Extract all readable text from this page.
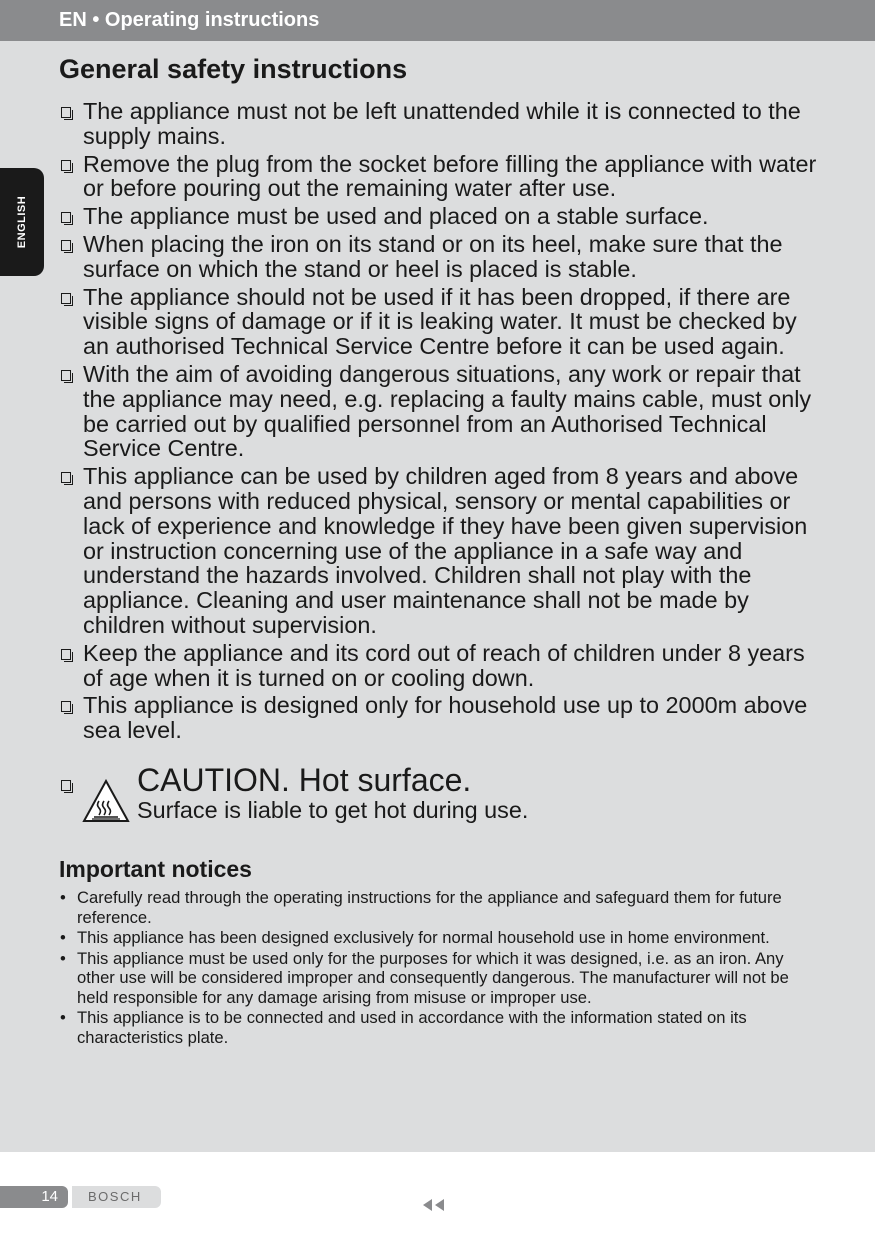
EN • Operating instructions
ENGLISH
General safety instructions
The appliance must not be left unattended while it is connected to the supply mains.
Remove the plug from the socket before filling the appliance with water or before pouring out the remaining water after use.
The appliance must be used and placed on a stable surface.
When placing the iron on its stand or on its heel, make sure that the surface on which the stand or heel is placed is stable.
The appliance should not be used if it has been dropped, if there are visible signs of damage or if it is leaking water. It must be checked by an authorised Technical Service Centre before it can be used again.
With the aim of avoiding dangerous situations, any work or repair that the appliance may need, e.g. replacing a faulty mains cable, must only be carried out by qualified personnel from an Authorised Technical Service Centre.
This appliance can be used by children aged from 8 years and above and persons with reduced physical, sensory or mental capabilities or lack of experience and knowledge if they have been given supervision or instruction concerning use of the appliance in a safe way and understand the hazards involved. Children shall not play with the appliance. Cleaning and user maintenance shall not be made by children without supervision.
Keep the appliance and its cord out of reach of children under 8 years of age when it is turned on or cooling down.
This appliance is designed only for household use up to 2000m above sea level.
CAUTION. Hot surface.
Surface is liable to get hot during use.
Important notices
• Carefully read through the operating instructions for the appliance and safeguard them for future reference.
• This appliance has been designed exclusively for normal household use in home environment.
• This appliance must be used only for the purposes for which it was designed, i.e. as an iron. Any other use will be considered improper and consequently dangerous. The manufacturer will not be held responsible for any damage arising from misuse or improper use.
• This appliance is to be connected and used in accordance with the information stated on its characteristics plate.
14	BOSCH
